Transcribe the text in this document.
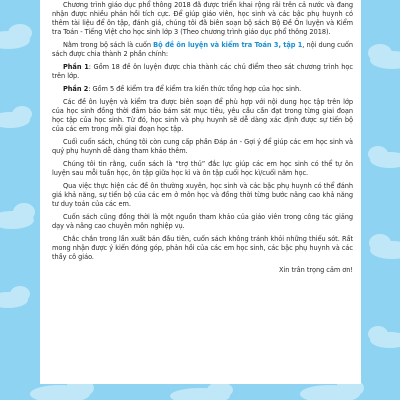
Chương trình giáo dục phổ thông 2018 đã được triển khai rộng rãi trên cả nước và đang nhận được nhiều phản hồi tích cực. Để giúp giáo viên, học sinh và các bậc phụ huynh có thêm tài liệu để ôn tập, đánh giá, chúng tôi đã biên soạn bộ sách Bộ Đề Ôn luyện và Kiểm tra Toán - Tiếng Việt cho học sinh lớp 3 (Theo chương trình giáo dục phổ thông 2018).

Nằm trong bộ sách là cuốn Bộ đề ôn luyện và kiểm tra Toán 3, tập 1, nội dung cuốn sách được chia thành 2 phần chính:

Phần 1: Gồm 18 đề ôn luyện được chia thành các chủ điểm theo sát chương trình học trên lớp.

Phần 2: Gồm 5 đề kiểm tra để kiểm tra kiến thức tổng hợp của học sinh.

Các đề ôn luyện và kiểm tra được biên soạn để phù hợp với nội dung học tập trên lớp của học sinh đồng thời đảm bảo bám sát mục tiêu, yêu cầu cần đạt trong từng giai đoạn học tập của học sinh. Từ đó, học sinh và phụ huynh sẽ dễ dàng xác định được sự tiến bộ của các em trong mỗi giai đoạn học tập.

Cuối cuốn sách, chúng tôi còn cung cấp phần Đáp án - Gợi ý để giúp các em học sinh và quý phụ huynh dễ dàng tham khảo thêm.

Chúng tôi tin rằng, cuốn sách là “trợ thủ” đắc lực giúp các em học sinh có thể tự ôn luyện sau mỗi tuần học, ôn tập giữa học kì và ôn tập cuối học kì/cuối năm học.

Qua việc thực hiện các đề ôn thường xuyên, học sinh và các bậc phụ huynh có thể đánh giá khả năng, sự tiến bộ của các em ở môn học và đồng thời từng bước nâng cao khả năng tư duy toán của các em.

Cuốn sách cũng đồng thời là một nguồn tham khảo của giáo viên trong công tác giảng dạy và nâng cao chuyên môn nghiệp vụ.

Chắc chắn trong lần xuất bản đầu tiên, cuốn sách không tránh khỏi những thiếu sót. Rất mong nhận được ý kiến đóng góp, phản hồi của các em học sinh, các bậc phụ huynh và các thầy cô giáo.

Xin trân trọng cảm ơn!
